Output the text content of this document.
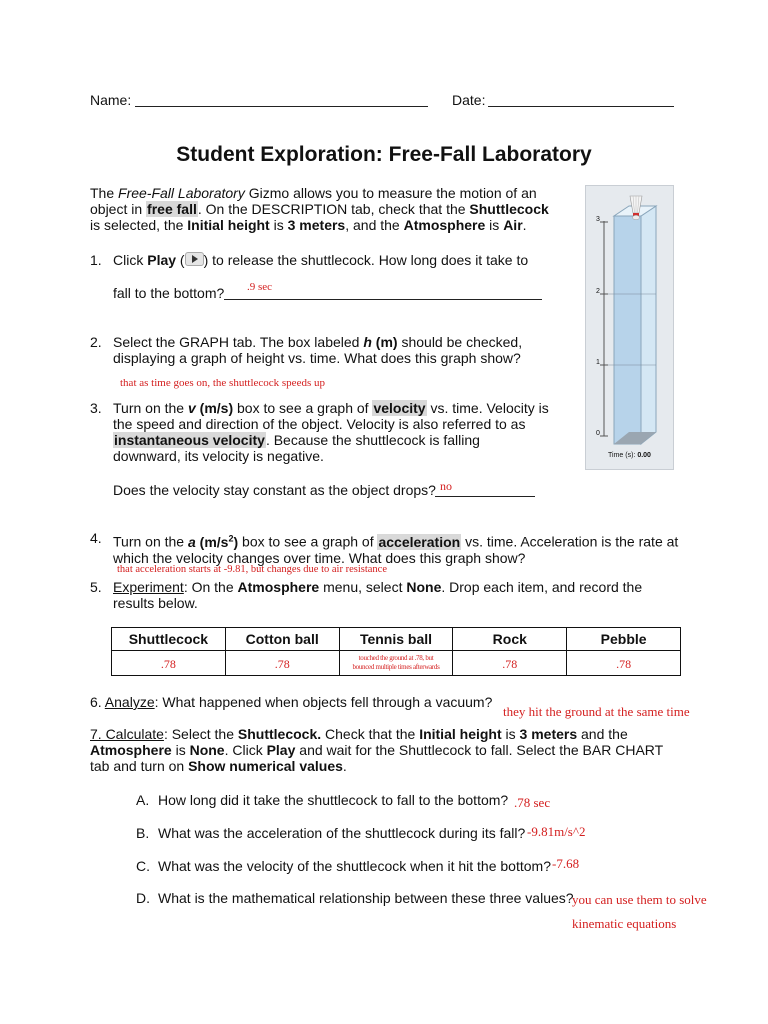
Name:	Date:
Student Exploration: Free-Fall Laboratory

The Free-Fall Laboratory Gizmo allows you to measure the motion of an

object in free fall. On the DESCRIPTION tab, check that the Shuttlecock

is selected, the Initial height is 3 meters, and the Atmosphere is Air.	3
2
1
0
Time (s): 0.00
1. Click Play ( ) to release the shuttlecock. How long does it take to
fall to the bottom? .9 sec
2. Select the GRAPH tab. The box labeled h (m) should be checked,

displaying a graph of height vs. time. What does this graph show?

that as time goes on, the shuttlecock speeds up
3. Turn on the v (m/s) box to see a graph of velocity vs. time. Velocity is

the speed and direction of the object. Velocity is also referred to as

instantaneous velocity. Because the shuttlecock is falling

downward, its velocity is negative.

Does the velocity stay constant as the object drops? no
4. Turn on the a $(m/s^2)$ box to see a graph of acceleration vs. time. Acceleration is the rate at

which the velocity changes over time. What does this graph show?

that acceleration starts at -9.81, but changes due to air resistance
5. Experiment: On the Atmosphere menu, select None. Drop each item, and record the

results below.

Shuttlecock	Cotton ball	Tennis ball	Rock	Pebble
.78	.78	touched the ground at .78, but
bounced multiple times afterwards	.78	.78
6. Analyze: What happened when objects fell through a vacuum?
they hit the ground at the same time

7. Calculate: Select the Shuttlecock. Check that the Initial height is 3 meters and the

Atmosphere is None. Click Play and wait for the Shuttlecock to fall. Select the BAR CHART

tab and turn on Show numerical values.

A. How long did it take the shuttlecock to fall to the bottom? .78 sec
B. What was the acceleration of the shuttlecock during its fall? -9.81m/s^2
C. What was the velocity of the shuttlecock when it hit the bottom? -7.68
D. What is the mathematical relationship between these three values?
you can use them to solve
kinematic equations
